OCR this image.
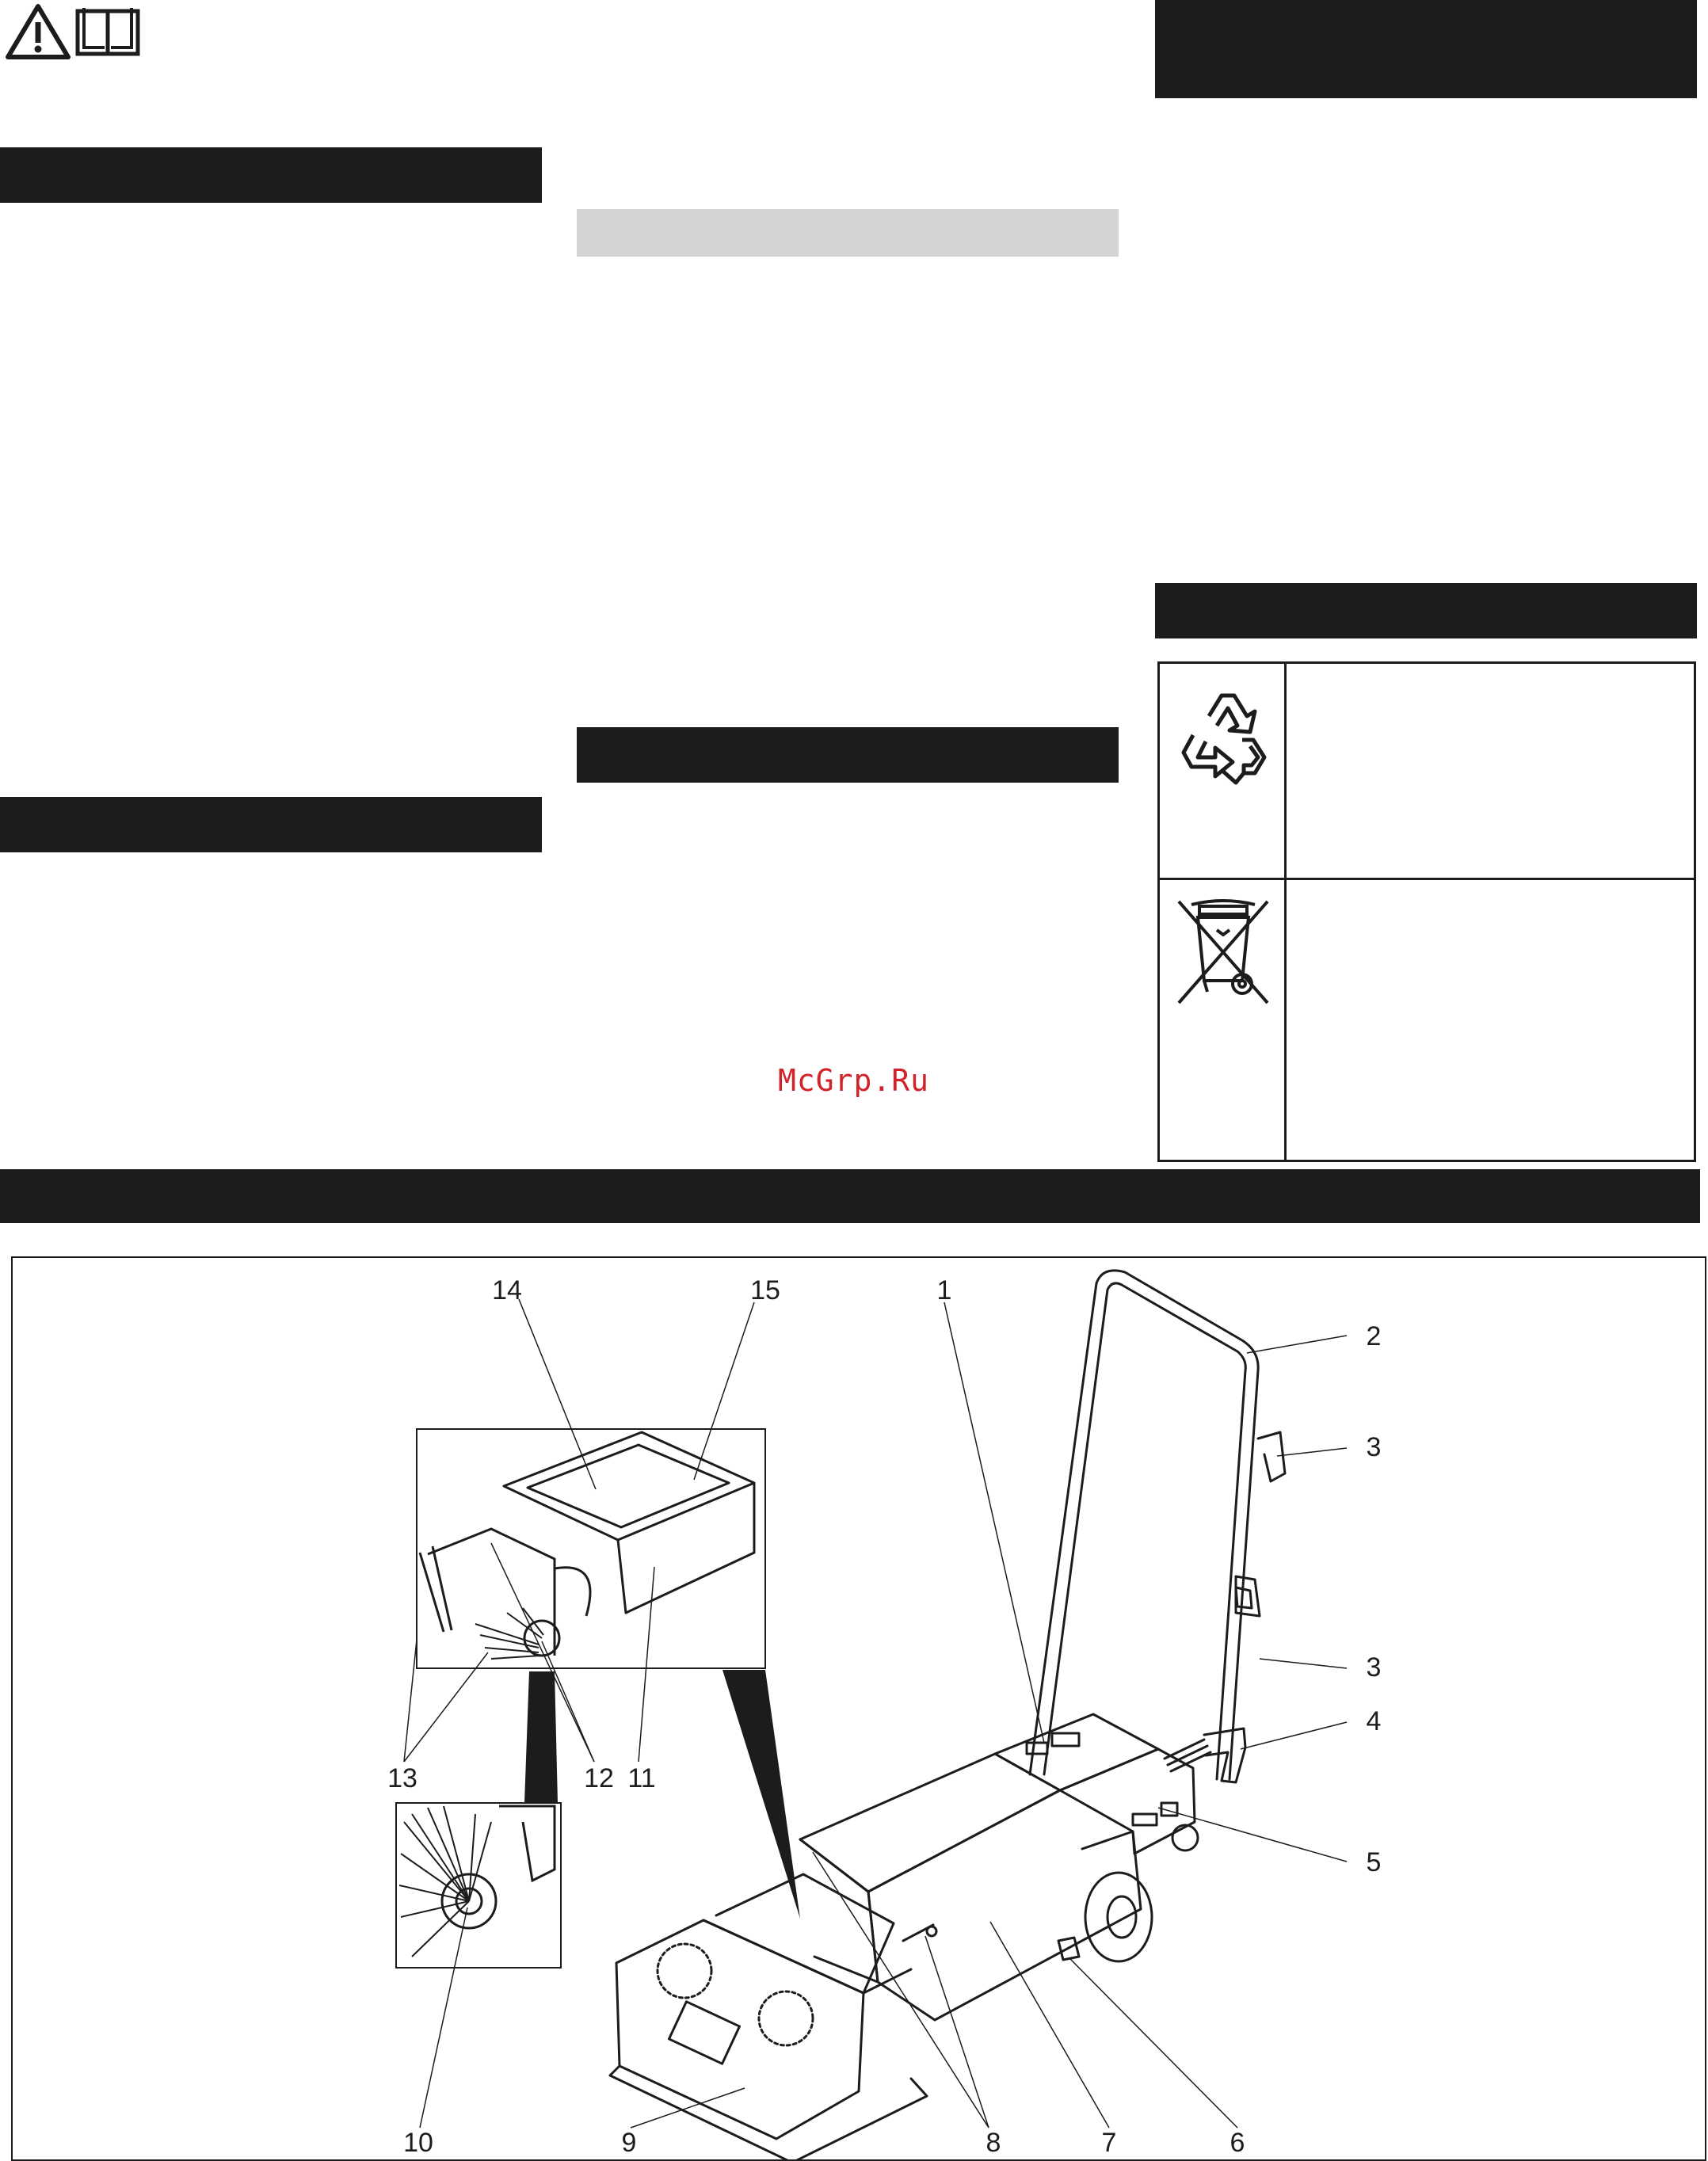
McGrp.Ru
14	15	1
2
3
3
4
5
6
7
8
9
10
11
12
13
